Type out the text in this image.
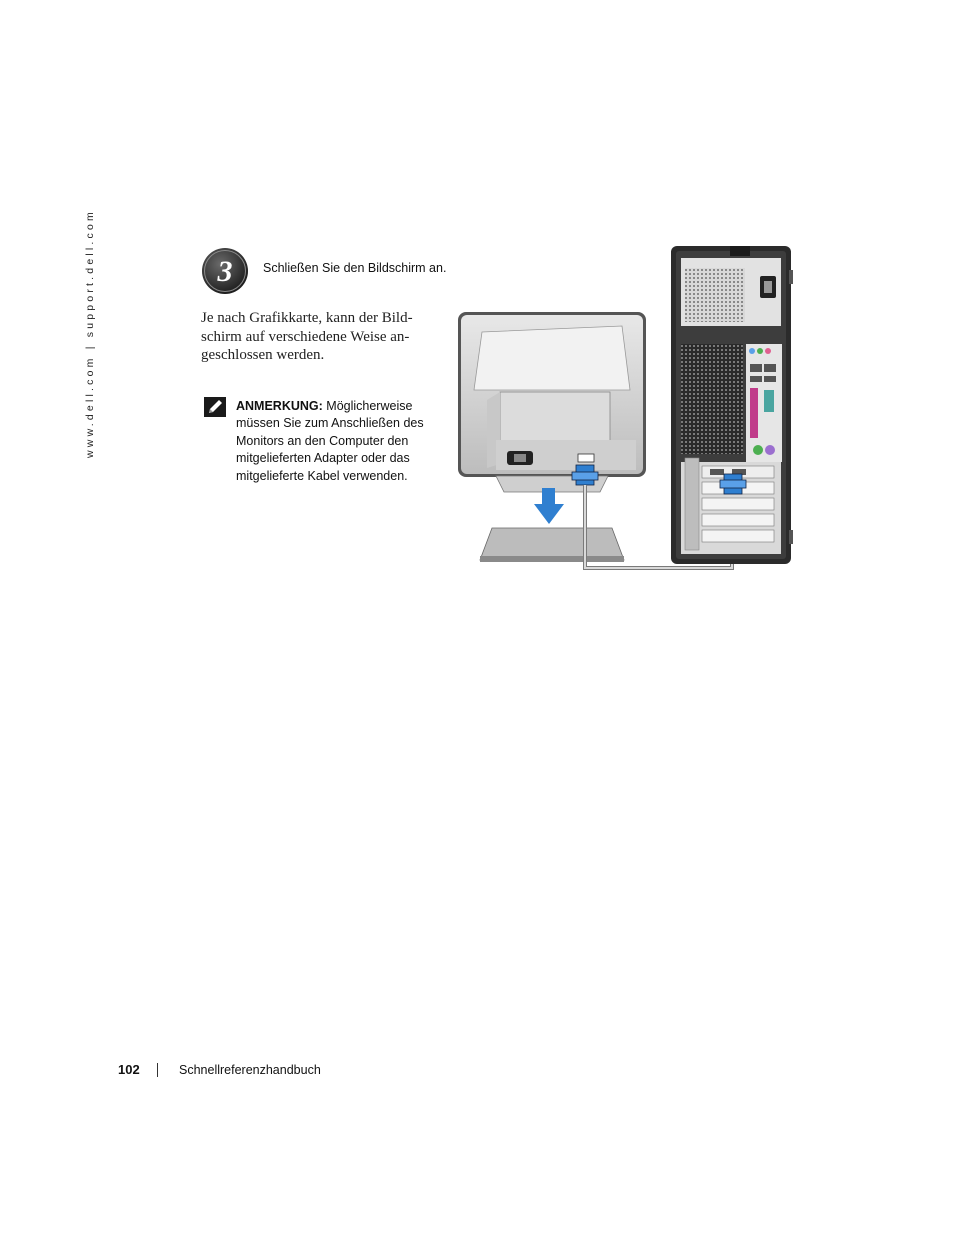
www.dell.com | support.dell.com	3 Schließen Sie den Bildschirm an.
Je nach Grafikkarte, kann der Bild-
schirm auf verschiedene Weise an-
geschlossen werden.
ANMERKUNG: Möglicherweise
müssen Sie zum Anschließen des
Monitors an den Computer den
mitgelieferten Adapter oder das
mitgelieferte Kabel verwenden.
102	Schnellreferenzhandbuch
